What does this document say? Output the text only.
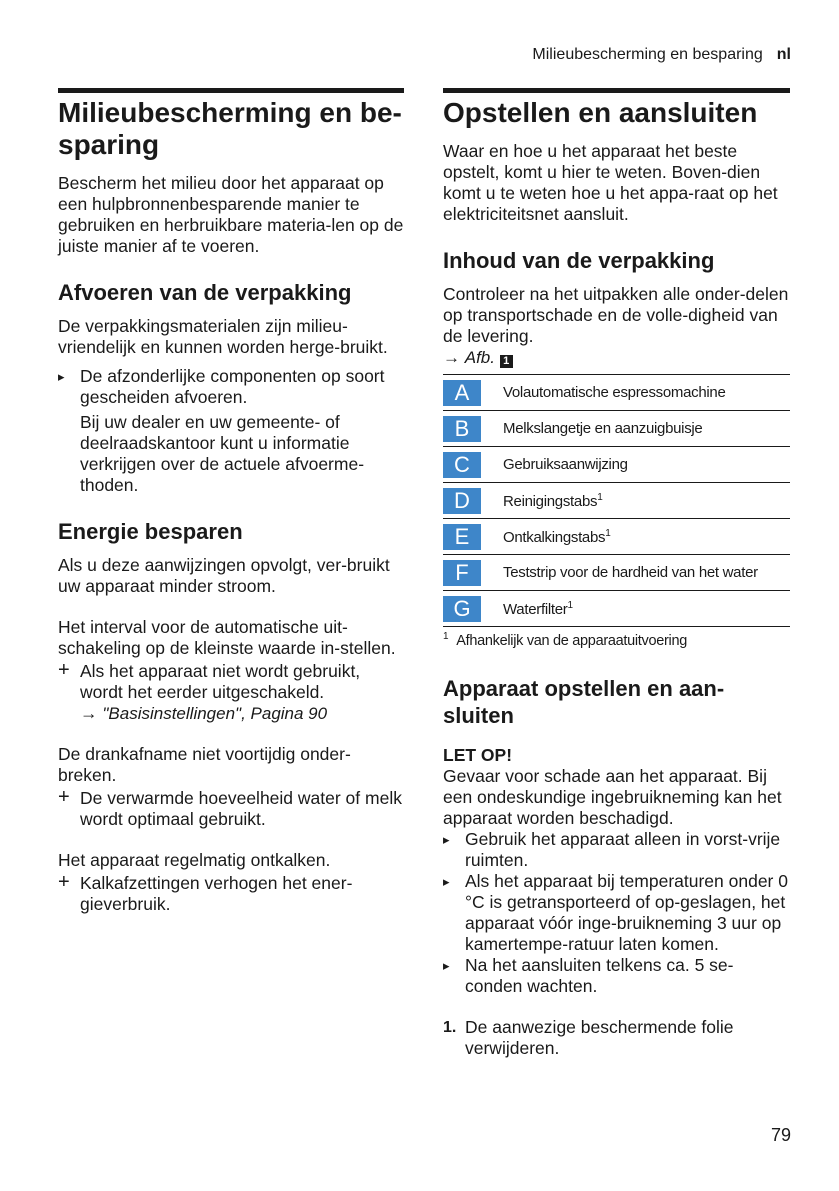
Milieubescherming en besparing nl
Milieubescherming en be-
sparing

Bescherm het milieu door het apparaat op een hulpbronnenbesparende manier te gebruiken en herbruikbare materia-len op de juiste manier af te voeren.

Afvoeren van de verpakking

De verpakkingsmaterialen zijn milieu-vriendelijk en kunnen worden herge-bruikt.

▸ De afzonderlijke componenten op soort gescheiden afvoeren.
Bij uw dealer en uw gemeente- of deelraadskantoor kunt u informatie verkrijgen over de actuele afvoerme-thoden.
Energie besparen

Als u deze aanwijzingen opvolgt, ver-bruikt uw apparaat minder stroom.

Het interval voor de automatische uit-schakeling op de kleinste waarde in-stellen.

+ Als het apparaat niet wordt gebruikt, wordt het eerder uitgeschakeld.
→ "Basisinstellingen", Pagina 90

De drankafname niet voortijdig onder-breken.

+ De verwarmde hoeveelheid water of melk wordt optimaal gebruikt.

Het apparaat regelmatig ontkalken.

+ Kalkafzettingen verhogen het ener-gieverbruik.
Opstellen en aansluiten

Waar en hoe u het apparaat het beste opstelt, komt u hier te weten. Boven-dien komt u te weten hoe u het appa-raat op het elektriciteitsnet aansluit.

Inhoud van de verpakking

Controleer na het uitpakken alle onder-delen op transportschade en de volle-digheid van de levering.

→ Afb. 1
A	Volautomatische espressomachine
B	Melkslangetje en aanzuigbuisje
C	Gebruiksaanwijzing
D	Reinigingstabs$^1$
E	Ontkalkingstabs$^1$
F	Teststrip voor de hardheid van het water
G	Waterfilter$^1$
$^1$ Afhankelijk van de apparaatuitvoering
Apparaat opstellen en aan-
sluiten
LET OP!

Gevaar voor schade aan het apparaat. Bij een ondeskundige ingebruikneming kan het apparaat worden beschadigd.

▸ Gebruik het apparaat alleen in vorst-vrije ruimten.
▸ Als het apparaat bij temperaturen onder 0 °C is getransporteerd of op-geslagen, het apparaat vóór inge-bruikneming 3 uur op kamertempe-ratuur laten komen.
▸ Na het aansluiten telkens ca. 5 se-conden wachten.
1. De aanwezige beschermende folie verwijderen.
79
